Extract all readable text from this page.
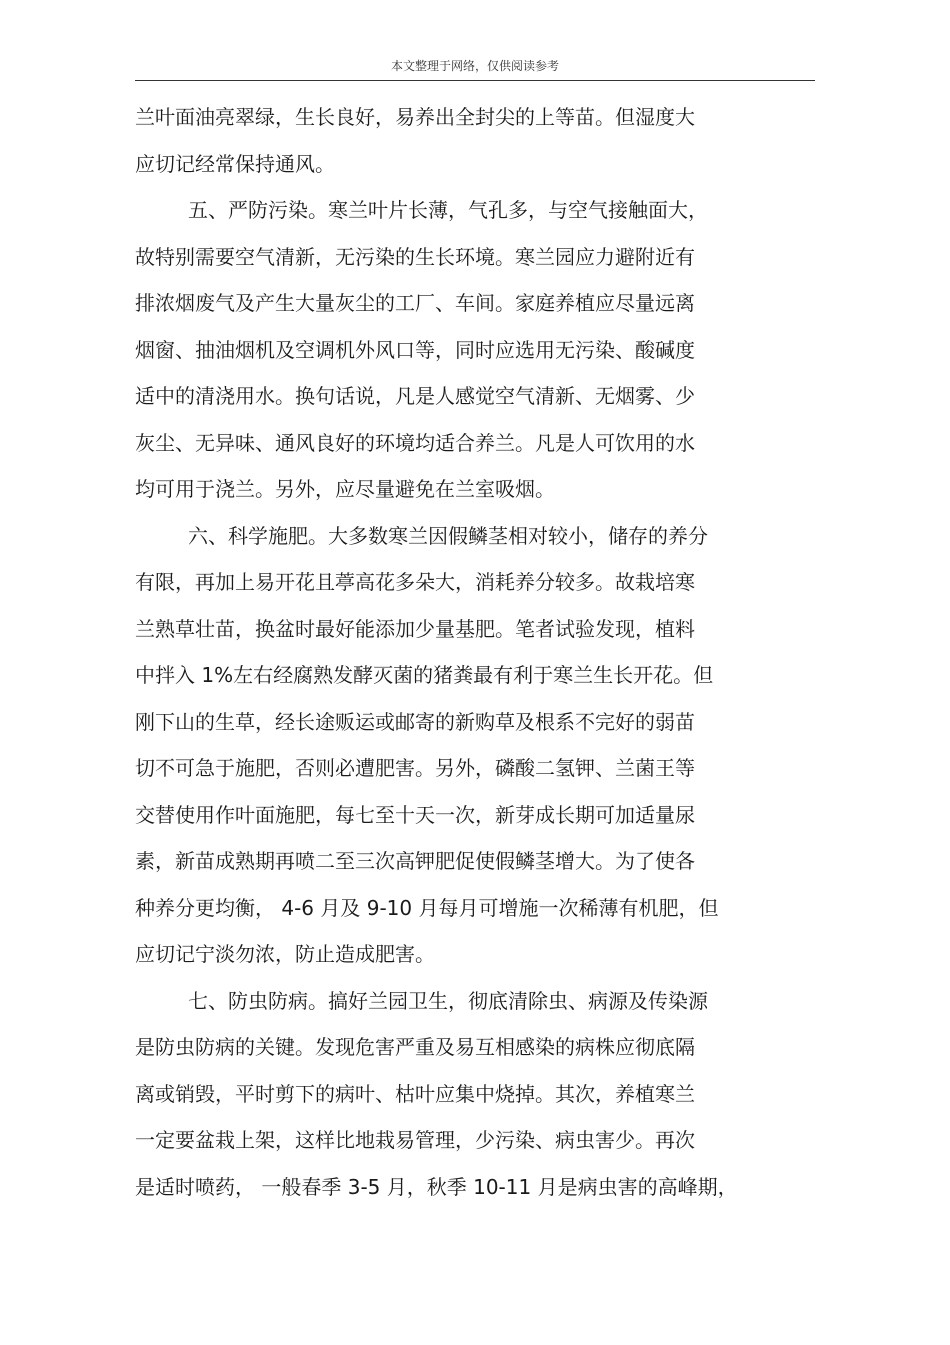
本文整理于网络，仅供阅读参考
兰叶面油亮翠绿，生长良好，易养出全封尖的上等苗。但湿度大
应切记经常保持通风。
五、严防污染。寒兰叶片长薄，气孔多，与空气接触面大，
故特别需要空气清新，无污染的生长环境。寒兰园应力避附近有
排浓烟废气及产生大量灰尘的工厂、车间。家庭养植应尽量远离
烟窗、抽油烟机及空调机外风口等，同时应选用无污染、酸碱度
适中的清浇用水。换句话说，凡是人感觉空气清新、无烟雾、少
灰尘、无异味、通风良好的环境均适合养兰。凡是人可饮用的水
均可用于浇兰。另外，应尽量避免在兰室吸烟。
六、科学施肥。大多数寒兰因假鳞茎相对较小，储存的养分
有限，再加上易开花且葶高花多朵大，消耗养分较多。故栽培寒
兰熟草壮苗，换盆时最好能添加少量基肥。笔者试验发现，植料
中拌入 1%左右经腐熟发酵灭菌的猪粪最有利于寒兰生长开花。但
刚下山的生草，经长途贩运或邮寄的新购草及根系不完好的弱苗
切不可急于施肥，否则必遭肥害。另外，磷酸二氢钾、兰菌王等
交替使用作叶面施肥，每七至十天一次，新芽成长期可加适量尿
素，新苗成熟期再喷二至三次高钾肥促使假鳞茎增大。为了使各
种养分更均衡， 4-6 月及 9-10 月每月可增施一次稀薄有机肥，但
应切记宁淡勿浓，防止造成肥害。
七、防虫防病。搞好兰园卫生，彻底清除虫、病源及传染源
是防虫防病的关键。发现危害严重及易互相感染的病株应彻底隔
离或销毁，平时剪下的病叶、枯叶应集中烧掉。其次，养植寒兰
一定要盆栽上架，这样比地栽易管理，少污染、病虫害少。再次
是适时喷药， 一般春季 3-5 月，秋季 10-11 月是病虫害的高峰期，
